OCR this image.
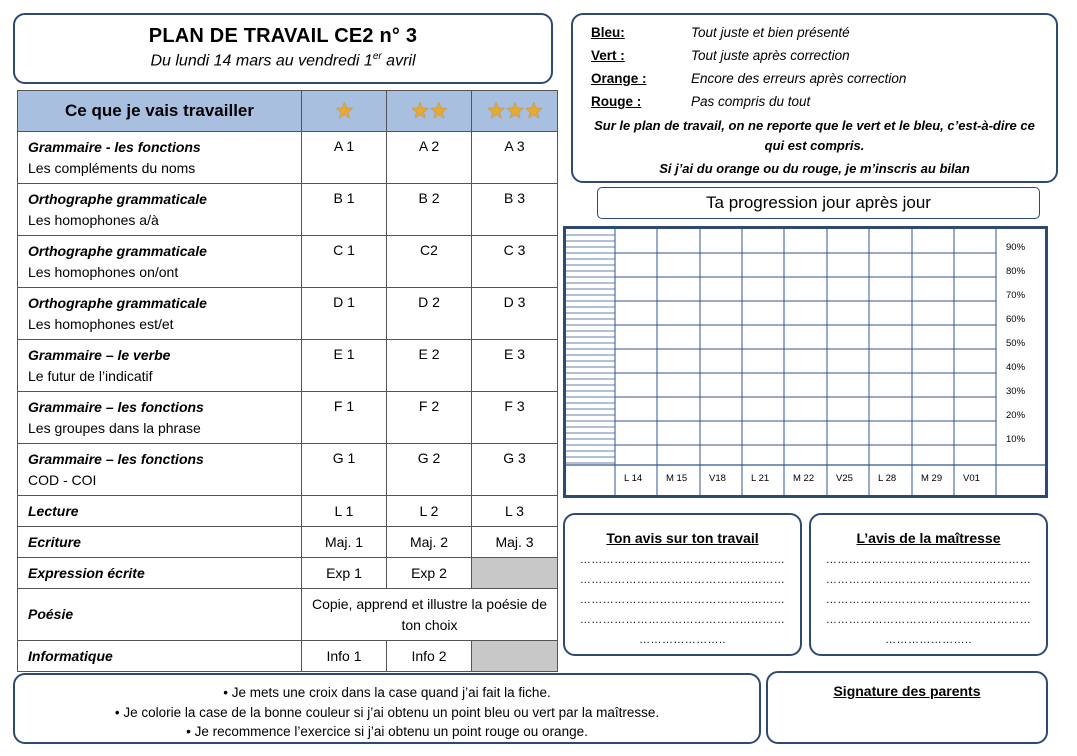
PLAN DE TRAVAIL CE2 n° 3
Du lundi 14 mars au vendredi 1er avril
Ce que je vais travailler	★	★★	★★★

Grammaire - les fonctions
Les compléments du noms	A 1	A 2	A 3

Orthographe grammaticale
Les homophones a/à	B 1	B 2	B 3

Orthographe grammaticale
Les homophones on/ont	C 1	C2	C 3

Orthographe grammaticale
Les homophones est/et	D 1	D 2	D 3

Grammaire – le verbe
Le futur de l’indicatif	E 1	E 2	E 3

Grammaire – les fonctions
Les groupes dans la phrase	F 1	F 2	F 3

Grammaire – les fonctions
COD - COI	G 1	G 2	G 3

Lecture	L 1	L 2	L 3

Ecriture	Maj. 1	Maj. 2	Maj. 3

Expression écrite	Exp 1	Exp 2	

Poésie	Copie, apprend et illustre la poésie de ton choix		

Informatique	Info 1	Info 2	
Bleu:	Tout juste et bien présenté
Vert :	Tout juste après correction
Orange :	Encore des erreurs après correction
Rouge :	Pas compris du tout
Sur le plan de travail, on ne reporte que le vert et le bleu, c’est-à-dire ce qui est compris.
Si j’ai du orange ou du rouge, je m’inscris au bilan
Ta progression jour après jour
90%
80%
70%
60%
50%
40%
30%
20%
10%
L 14	M 15 V18	L 21	M 22 V25	L 28	M 29 V01
Ton avis sur ton travail
………………………………………………
………………………………………………
………………………………………………
………………………………………………
…………………..
L’avis de la maîtresse
………………………………………………
………………………………………………
………………………………………………
………………………………………………
…………………..
• Je mets une croix dans la case quand j’ai fait la fiche.
• Je colorie la case de la bonne couleur si j’ai obtenu un point bleu ou vert par la maîtresse.
• Je recommence l’exercice si j’ai obtenu un point rouge ou orange.
Signature des parents
